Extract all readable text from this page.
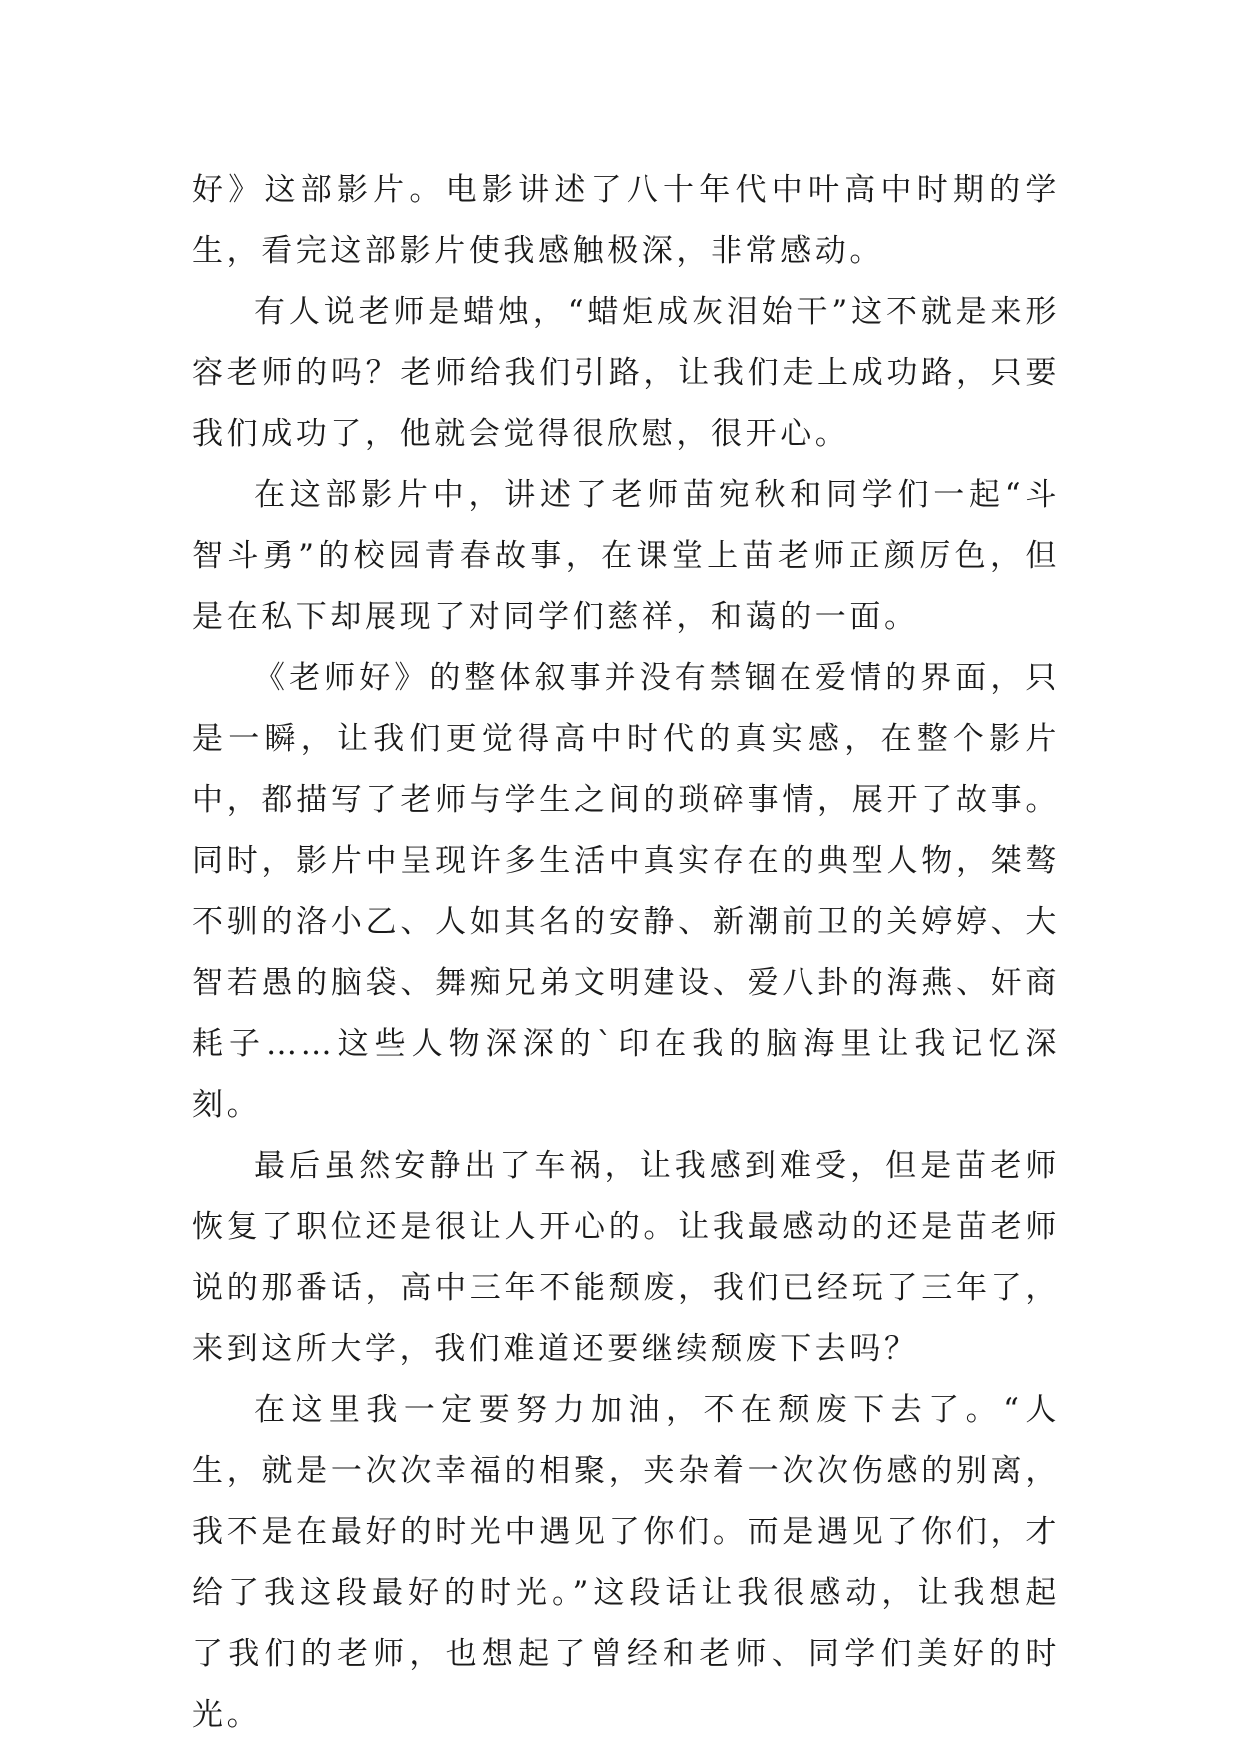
好》这部影片。电影讲述了八十年代中叶高中时期的学生，看完这部影片使我感触极深，非常感动。

有人说老师是蜡烛，“蜡炬成灰泪始干”这不就是来形容老师的吗？老师给我们引路，让我们走上成功路，只要我们成功了，他就会觉得很欣慰，很开心。

在这部影片中，讲述了老师苗宛秋和同学们一起“斗智斗勇”的校园青春故事，在课堂上苗老师正颜厉色，但是在私下却展现了对同学们慈祥，和蔼的一面。

《老师好》的整体叙事并没有禁锢在爱情的界面，只是一瞬，让我们更觉得高中时代的真实感，在整个影片中，都描写了老师与学生之间的琐碎事情，展开了故事。同时，影片中呈现许多生活中真实存在的典型人物，桀骜不驯的洛小乙、人如其名的安静、新潮前卫的关婷婷、大智若愚的脑袋、舞痴兄弟文明建设、爱八卦的海燕、奸商耗子……这些人物深深的`印在我的脑海里让我记忆深刻。

最后虽然安静出了车祸，让我感到难受，但是苗老师恢复了职位还是很让人开心的。让我最感动的还是苗老师说的那番话，高中三年不能颓废，我们已经玩了三年了，来到这所大学，我们难道还要继续颓废下去吗？

在这里我一定要努力加油，不在颓废下去了。“人生，就是一次次幸福的相聚，夹杂着一次次伤感的别离，我不是在最好的时光中遇见了你们。而是遇见了你们，才给了我这段最好的时光。”这段话让我很感动，让我想起了我们的老师，也想起了曾经和老师、同学们美好的时光。
